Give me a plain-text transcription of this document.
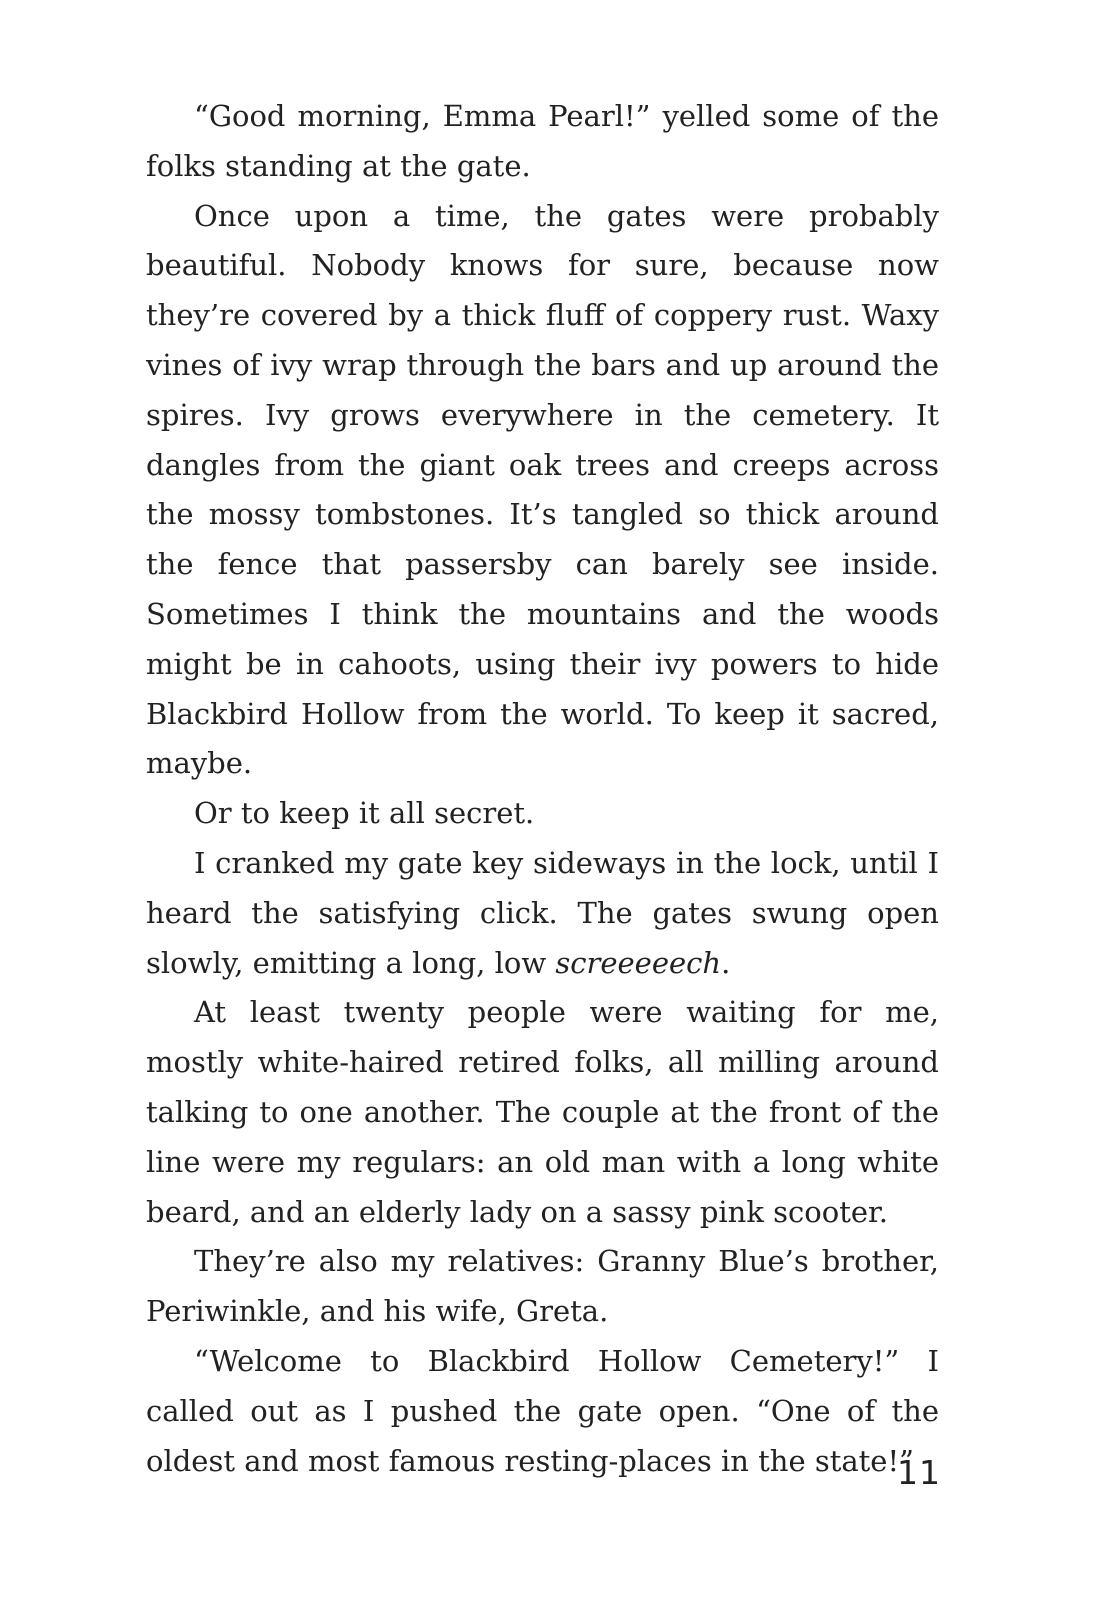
“Good morning, Emma Pearl!” yelled some of the folks standing at the gate.

Once upon a time, the gates were probably beautiful. Nobody knows for sure, because now they’re covered by a thick fluff of coppery rust. Waxy vines of ivy wrap through the bars and up around the spires. Ivy grows everywhere in the cemetery. It dangles from the giant oak trees and creeps across the mossy tombstones. It’s tangled so thick around the fence that passersby can barely see inside. Sometimes I think the mountains and the woods might be in cahoots, using their ivy powers to hide Blackbird Hollow from the world. To keep it sacred, maybe.

Or to keep it all secret.

I cranked my gate key sideways in the lock, until I heard the satisfying click. The gates swung open slowly, emitting a long, low screeeeech.

At least twenty people were waiting for me, mostly white-haired retired folks, all milling around talking to one another. The couple at the front of the line were my regulars: an old man with a long white beard, and an elderly lady on a sassy pink scooter.

They’re also my relatives: Granny Blue’s brother, Periwinkle, and his wife, Greta.

“Welcome to Blackbird Hollow Cemetery!” I called out as I pushed the gate open. “One of the oldest and most famous resting-places in the state!”

11
